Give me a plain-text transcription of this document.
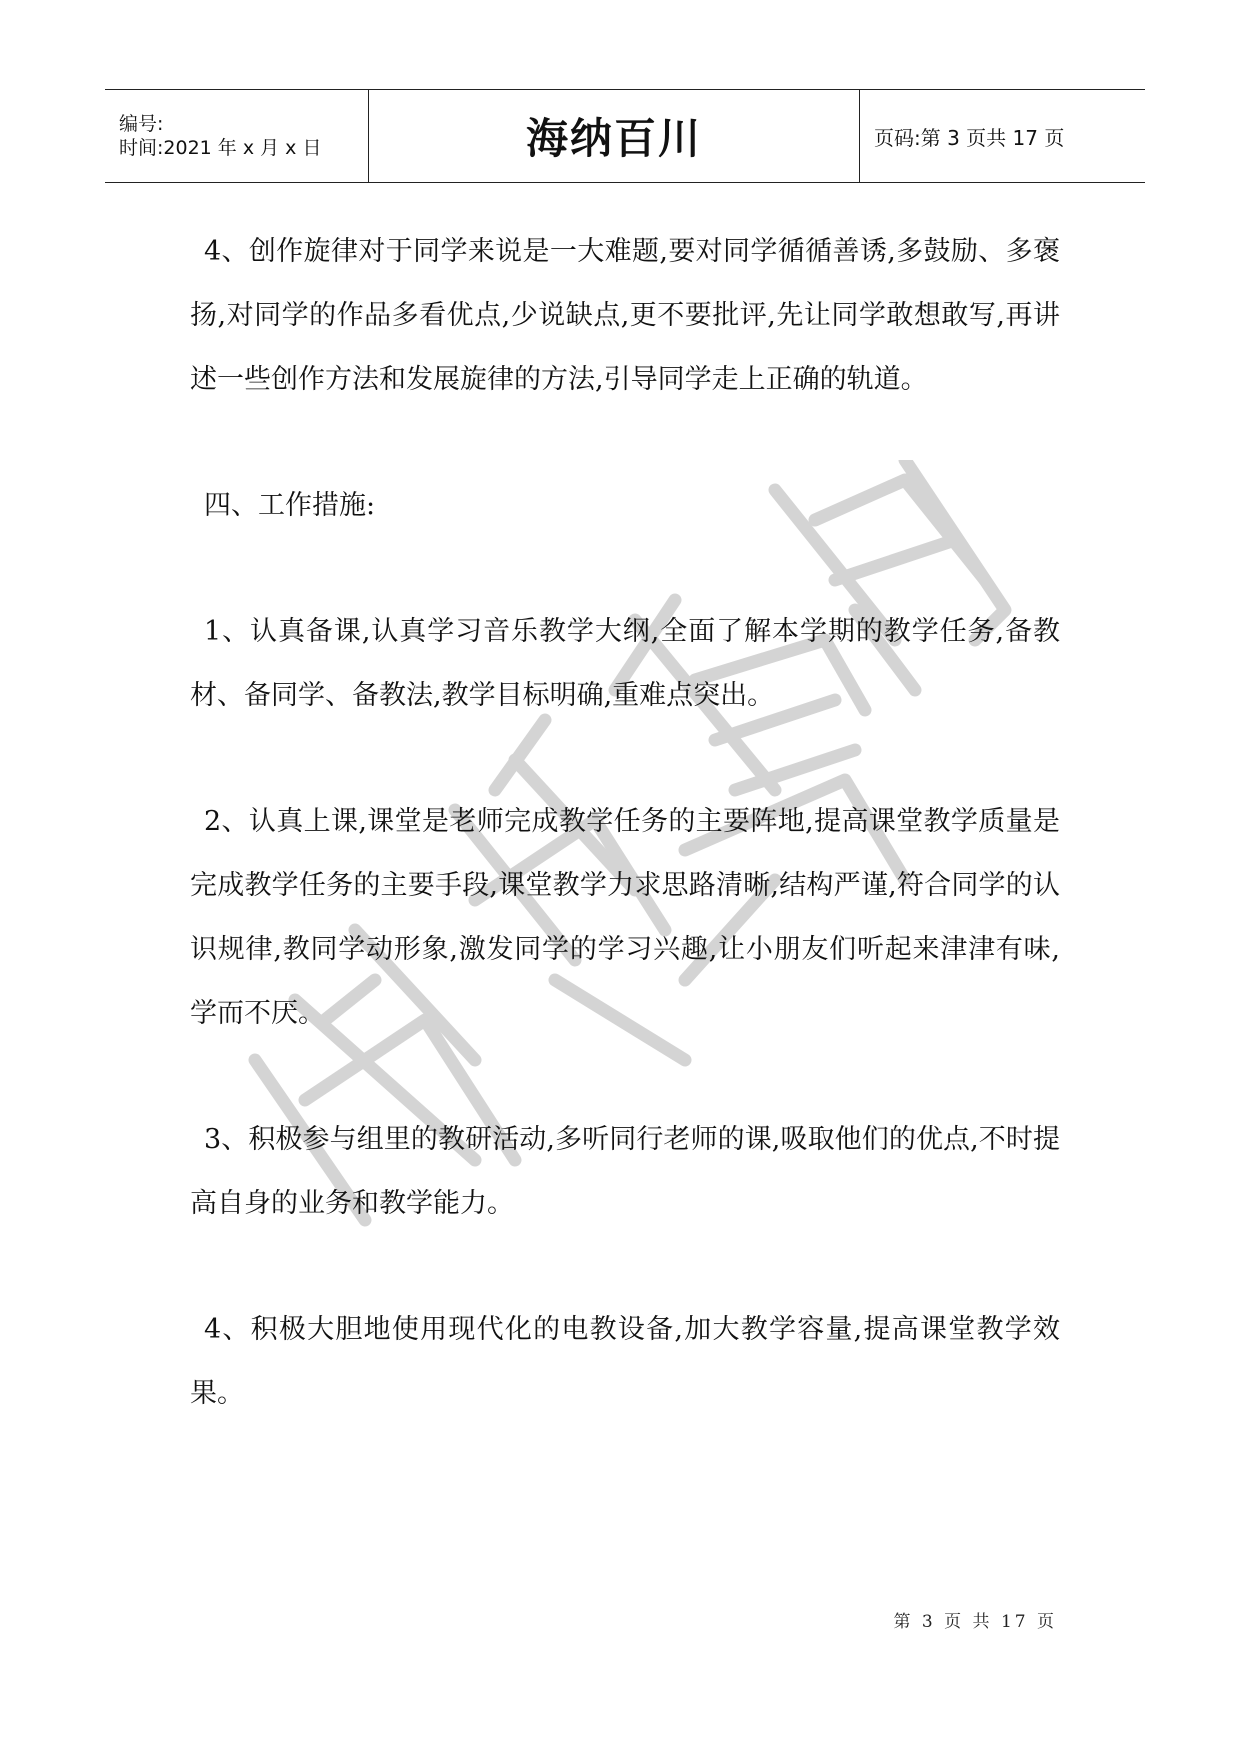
编号:
时间:2021 年 x 月 x 日	海纳百川	页码:第 3 页共 17 页

4、创作旋律对于同学来说是一大难题,要对同学循循善诱,多鼓励、多褒扬,对同学的作品多看优点,少说缺点,更不要批评,先让同学敢想敢写,再讲述一些创作方法和发展旋律的方法,引导同学走上正确的轨道。

四、工作措施:

1、认真备课,认真学习音乐教学大纲,全面了解本学期的教学任务,备教材、备同学、备教法,教学目标明确,重难点突出。

2、认真上课,课堂是老师完成教学任务的主要阵地,提高课堂教学质量是完成教学任务的主要手段,课堂教学力求思路清晰,结构严谨,符合同学的认识规律,教同学动形象,激发同学的学习兴趣,让小朋友们听起来津津有味,学而不厌。

3、积极参与组里的教研活动,多听同行老师的课,吸取他们的优点,不时提高自身的业务和教学能力。

4、积极大胆地使用现代化的电教设备,加大教学容量,提高课堂教学效果。

第 3 页 共 17 页
